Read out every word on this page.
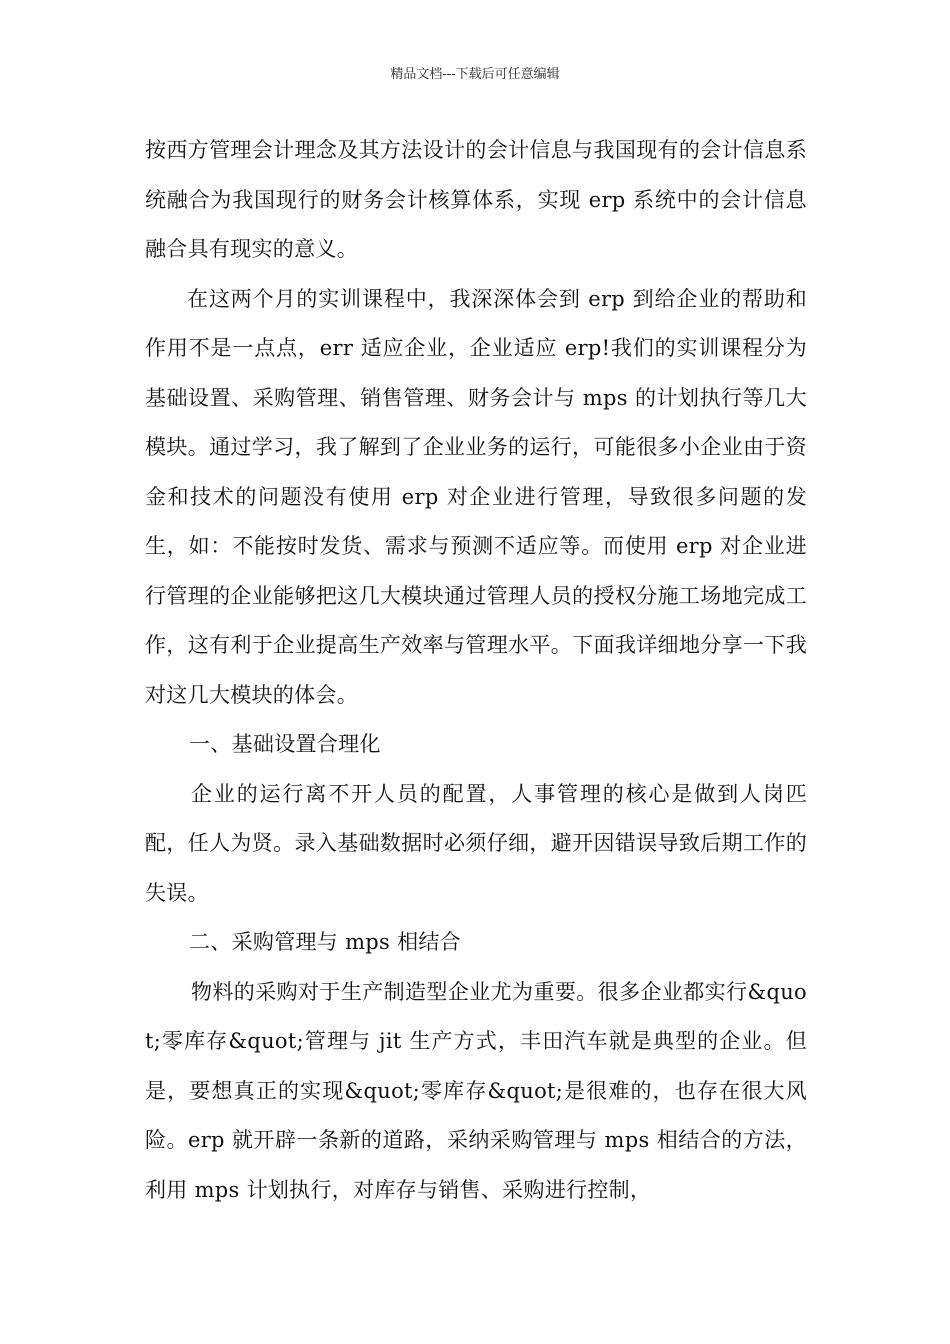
精品文档---下载后可任意编辑

按西方管理会计理念及其方法设计的会计信息与我国现有的会计信息系统融合为我国现行的财务会计核算体系，实现 erp 系统中的会计信息融合具有现实的意义。

在这两个月的实训课程中，我深深体会到 erp 到给企业的帮助和作用不是一点点，err 适应企业，企业适应 erp!我们的实训课程分为基础设置、采购管理、销售管理、财务会计与 mps 的计划执行等几大模块。通过学习，我了解到了企业业务的运行，可能很多小企业由于资金和技术的问题没有使用 erp 对企业进行管理，导致很多问题的发生，如：不能按时发货、需求与预测不适应等。而使用 erp 对企业进行管理的企业能够把这几大模块通过管理人员的授权分施工场地完成工作，这有利于企业提高生产效率与管理水平。下面我详细地分享一下我对这几大模块的体会。

一、基础设置合理化

企业的运行离不开人员的配置，人事管理的核心是做到人岗匹配，任人为贤。录入基础数据时必须仔细，避开因错误导致后期工作的失误。

二、采购管理与 mps 相结合

物料的采购对于生产制造型企业尤为重要。很多企业都实行&quot;零库存&quot;管理与 jit 生产方式，丰田汽车就是典型的企业。但是，要想真正的实现&quot;零库存&quot;是很难的，也存在很大风险。erp 就开辟一条新的道路，采纳采购管理与 mps 相结合的方法，利用 mps 计划执行，对库存与销售、采购进行控制，
